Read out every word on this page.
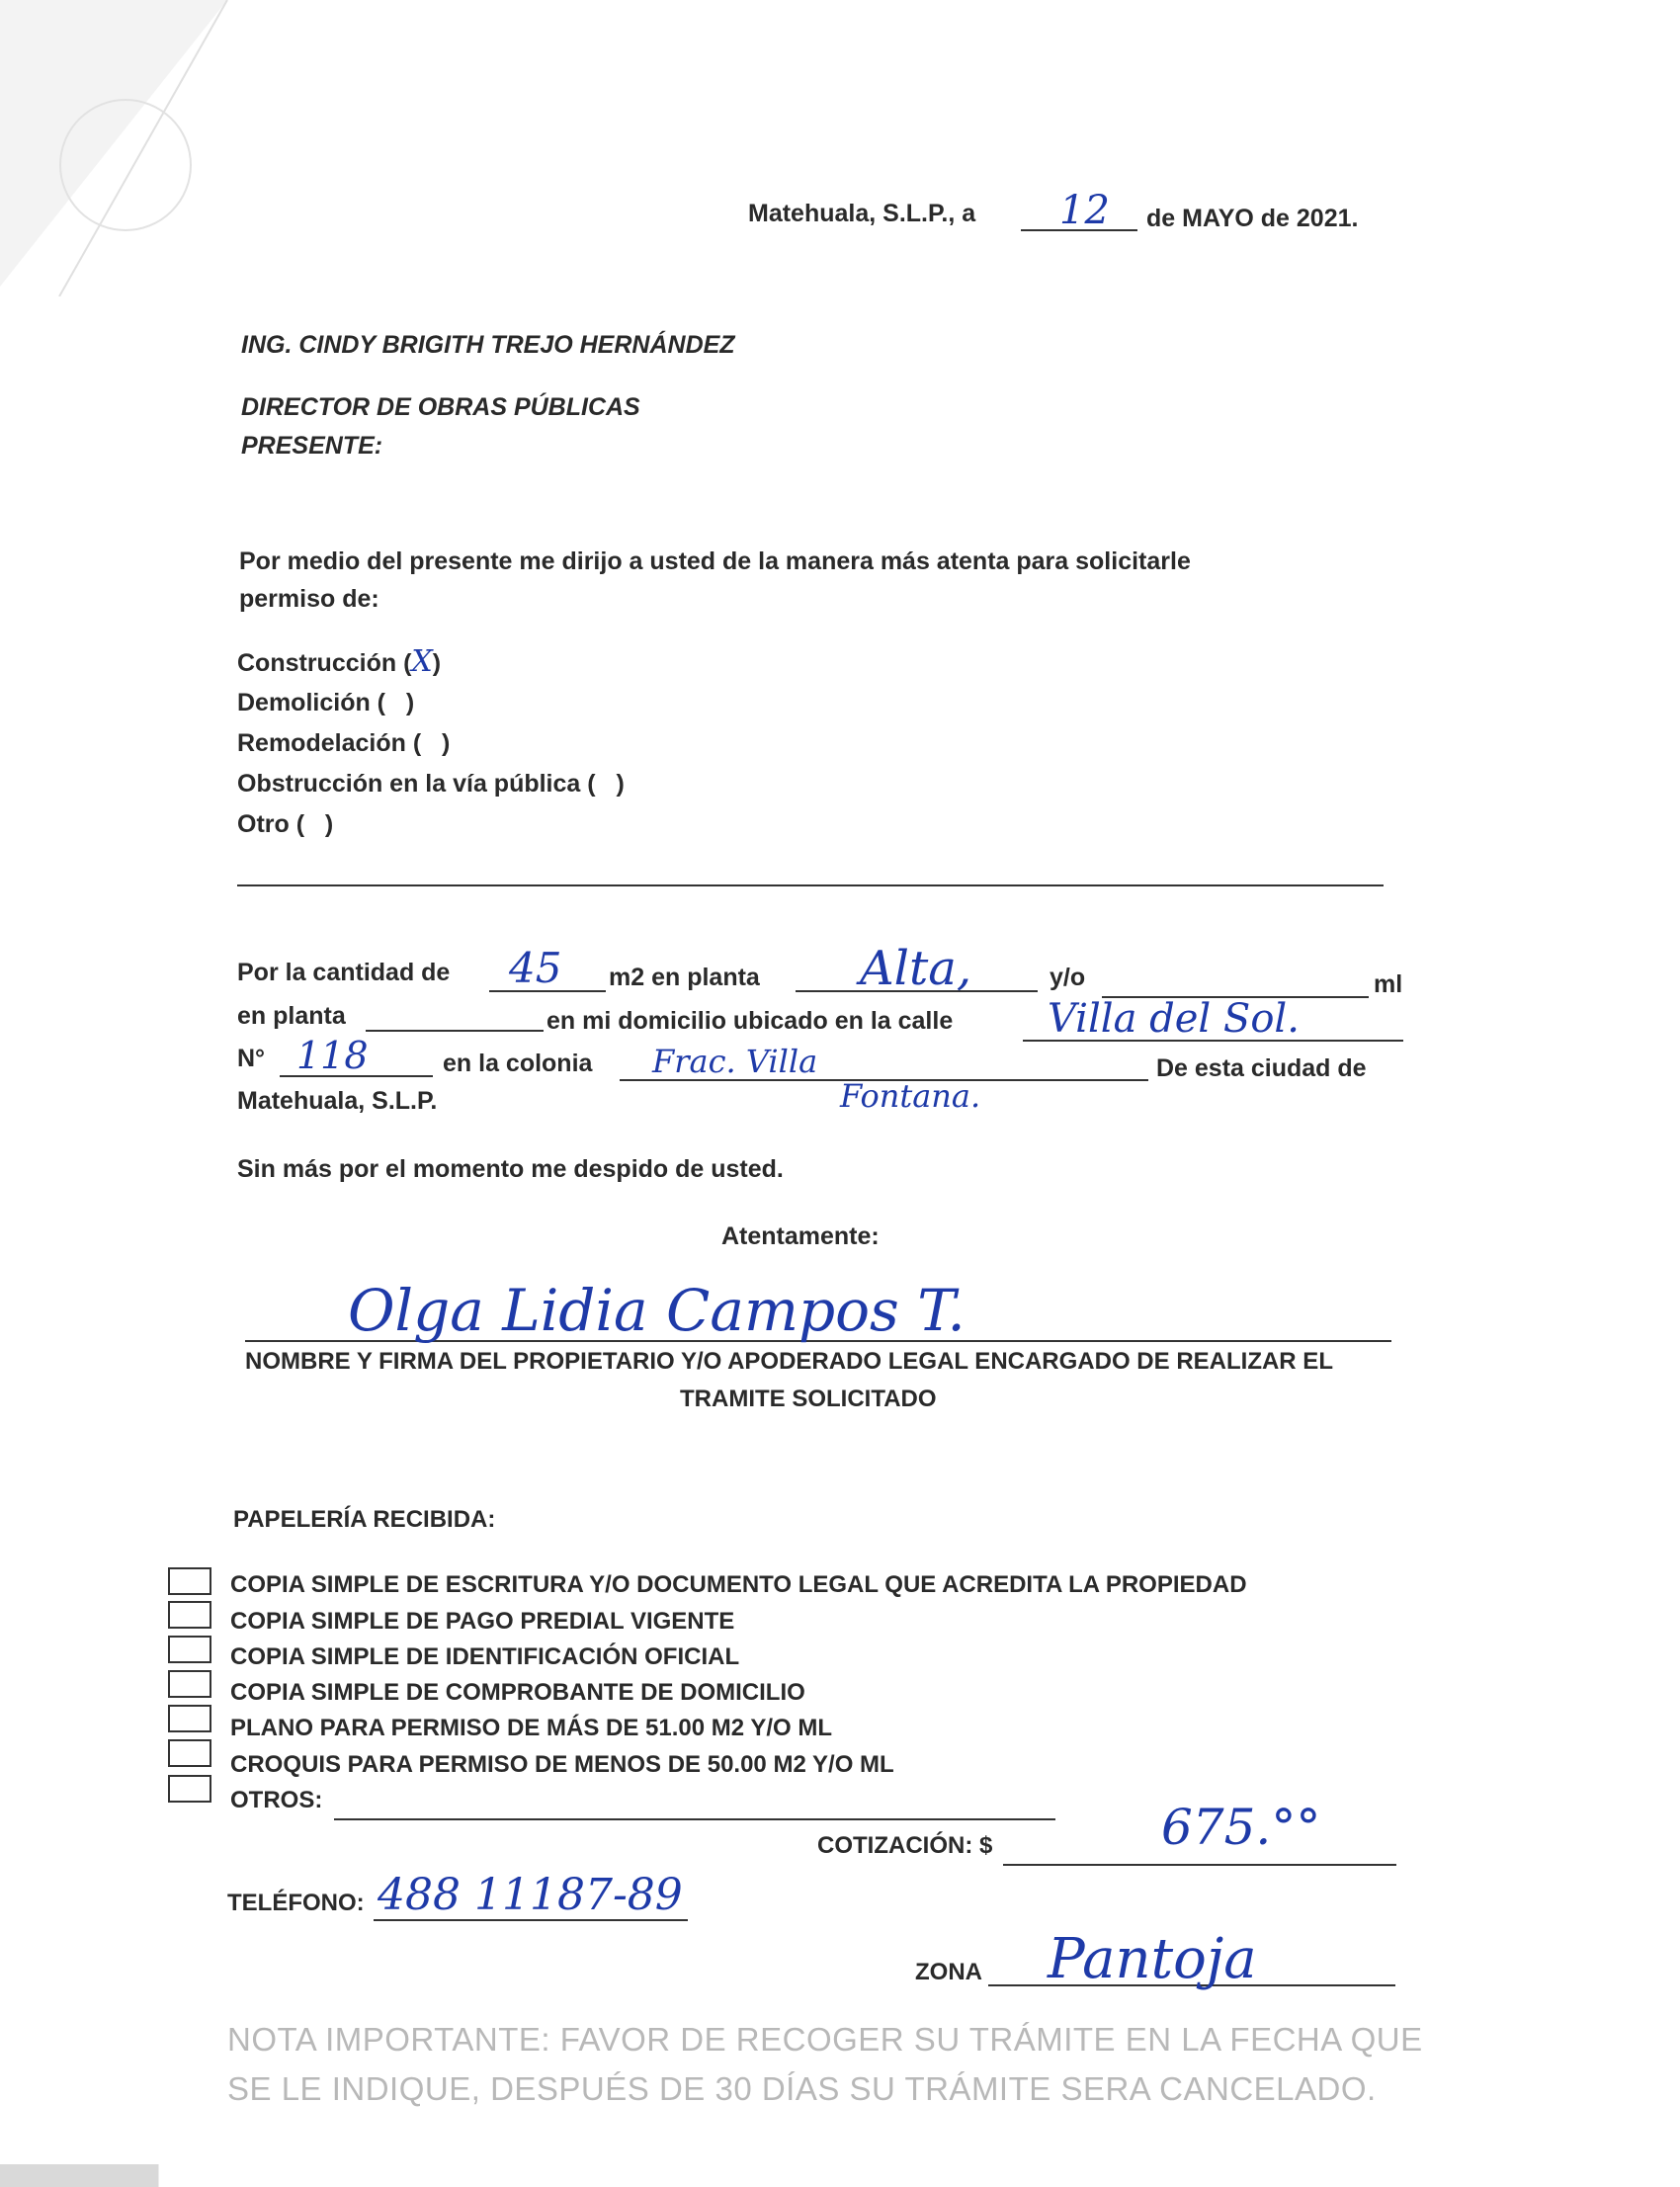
Matehuala, S.L.P., a 12 de MAYO de 2021.
ING. CINDY BRIGITH TREJO HERNÁNDEZ
DIRECTOR DE OBRAS PÚBLICAS
PRESENTE:
Por medio del presente me dirijo a usted de la manera más atenta para solicitarle
permiso de:
Construcción (X)
Demolición ( )
Remodelación ( )
Obstrucción en la vía pública ( )
Otro ( )
Por la cantidad de 45 m2 en planta Alta,	y/o	ml
en planta	en mi domicilio ubicado en la calle Villa del Sol.
N° 118	en la colonia Frac. Villa	De esta ciudad de
Matehuala, S.L.P.	Fontana.
Sin más por el momento me despido de usted.
Atentamente:
Olga Lidia Campos T.
NOMBRE Y FIRMA DEL PROPIETARIO Y/O APODERADO LEGAL ENCARGADO DE REALIZAR EL
TRAMITE SOLICITADO
PAPELERÍA RECIBIDA:
COPIA SIMPLE DE ESCRITURA Y/O DOCUMENTO LEGAL QUE ACREDITA LA PROPIEDAD
COPIA SIMPLE DE PAGO PREDIAL VIGENTE
COPIA SIMPLE DE IDENTIFICACIÓN OFICIAL
COPIA SIMPLE DE COMPROBANTE DE DOMICILIO
PLANO PARA PERMISO DE MÁS DE 51.00 M2 Y/O ML
CROQUIS PARA PERMISO DE MENOS DE 50.00 M2 Y/O ML
OTROS:
COTIZACIÓN: $	675.°°
TELÉFONO: 488 11187-89
ZONA Pantoja
NOTA IMPORTANTE: FAVOR DE RECOGER SU TRÁMITE EN LA FECHA QUE
SE LE INDIQUE, DESPUÉS DE 30 DÍAS SU TRÁMITE SERA CANCELADO.
